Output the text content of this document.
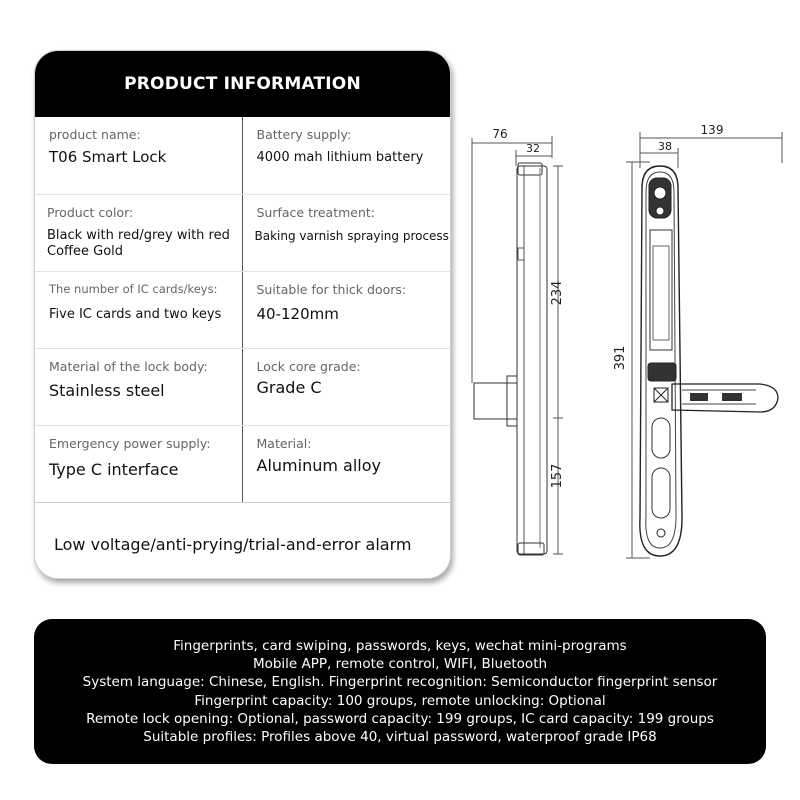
PRODUCT INFORMATION
product name:
T06 Smart Lock
Battery supply:
4000 mah lithium battery
Product color:
Black with red/grey with red Coffee Gold
Surface treatment:
Baking varnish spraying process
The number of IC cards/keys:
Five IC cards and two keys
Suitable for thick doors:
40-120mm
Material of the lock body:
Stainless steel
Lock core grade:
Grade C
Emergency power supply:
Type C interface
Material:
Aluminum alloy
Low voltage/anti-prying/trial-and-error alarm
76
32
234
157
139
38
391
Fingerprints, card swiping, passwords, keys, wechat mini-programs
Mobile APP, remote control, WIFI, Bluetooth
System language: Chinese, English. Fingerprint recognition: Semiconductor fingerprint sensor
Fingerprint capacity: 100 groups, remote unlocking: Optional
Remote lock opening: Optional, password capacity: 199 groups, IC card capacity: 199 groups
Suitable profiles: Profiles above 40, virtual password, waterproof grade IP68
